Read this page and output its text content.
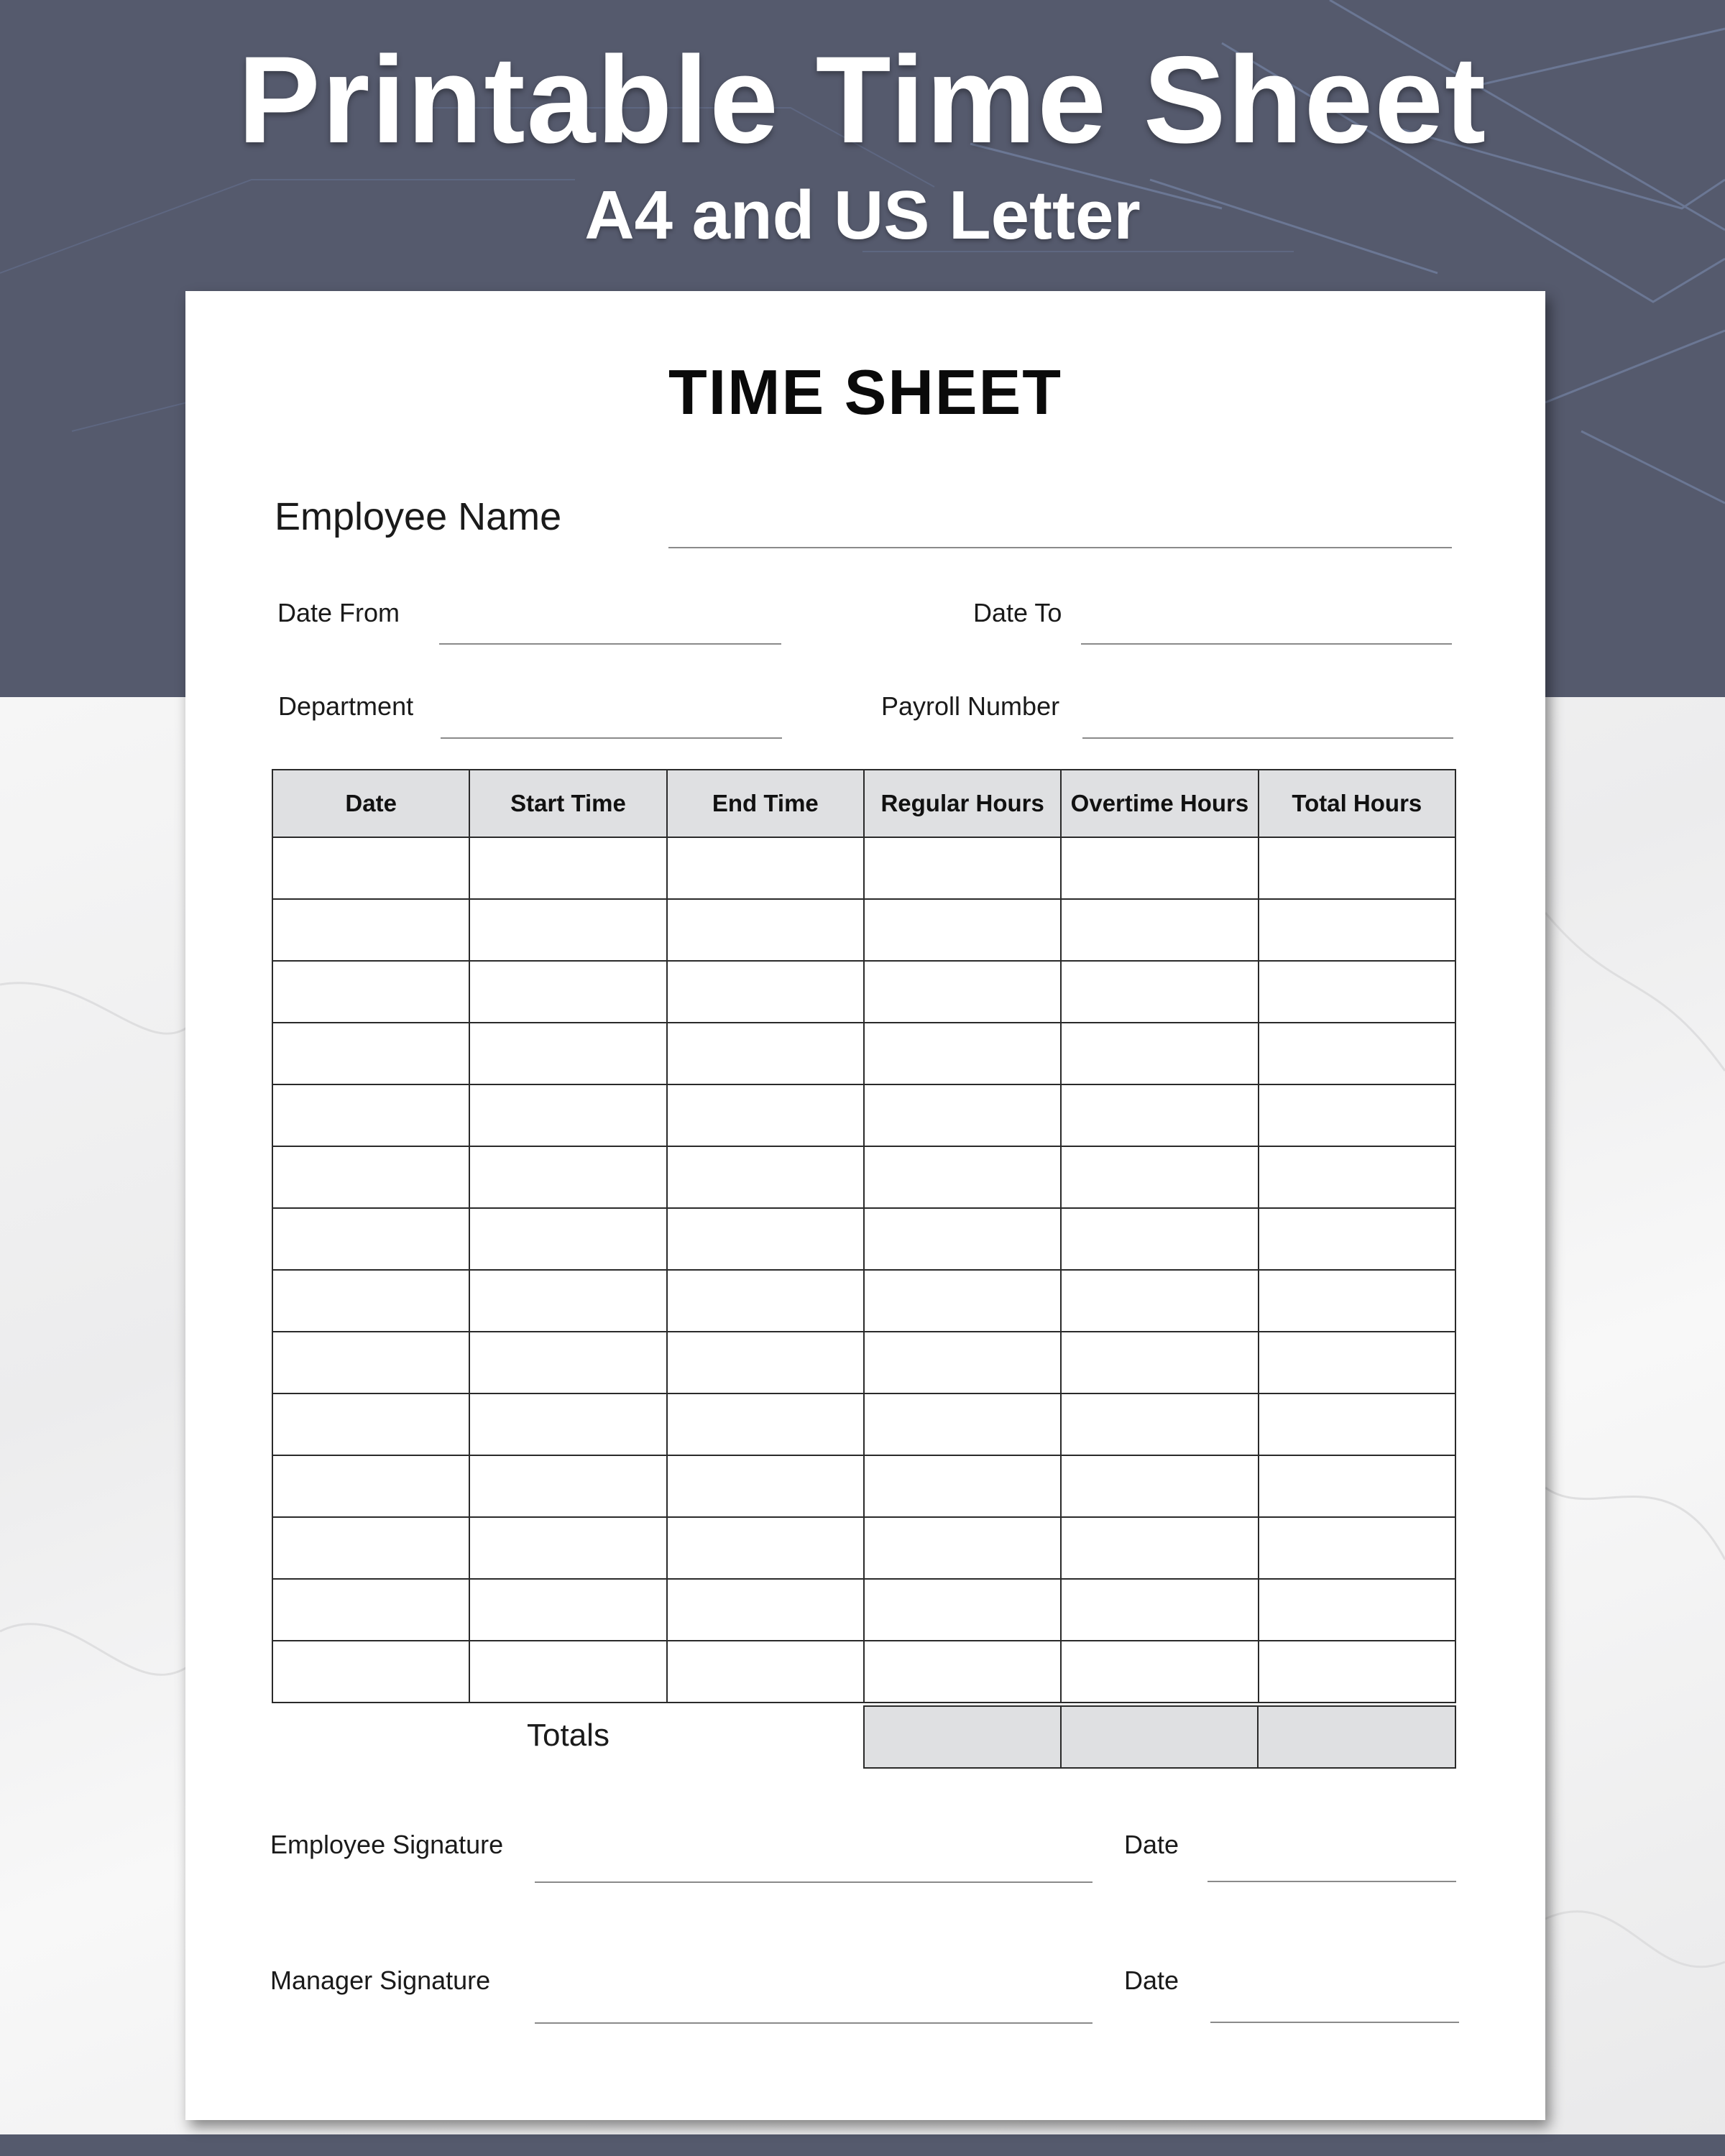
Printable Time Sheet
A4 and US Letter
TIME SHEET
Employee Name
Date From	Date To
Department	Payroll Number
Date	Start Time	End Time	Regular Hours	Overtime Hours	Total Hours

Totals
Employee Signature	Date
Manager Signature	Date
